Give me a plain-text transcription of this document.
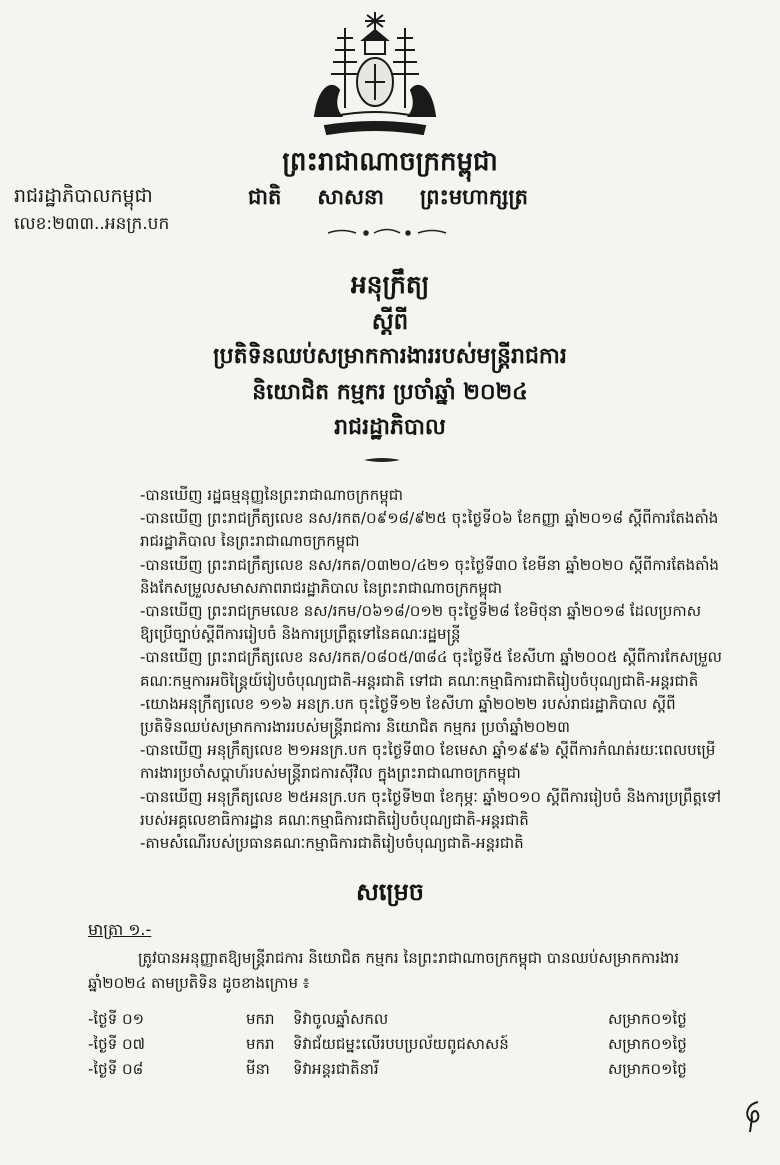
ព្រះរាជាណាចក្រកម្ពុជា
រាជរដ្ឋាភិបាលកម្ពុជា
លេខ:២៣៣..អនក្រ.បក
ជាតិ សាសនា ព្រះមហាក្សត្រ
អនុក្រឹត្យ
ស្តីពី
ប្រតិទិនឈប់សម្រាកការងាររបស់មន្ត្រីរាជការ
និយោជិត កម្មករ ប្រចាំឆ្នាំ ២០២៤
រាជរដ្ឋាភិបាល
-បានឃើញ រដ្ឋធម្មនុញ្ញនៃព្រះរាជាណាចក្រកម្ពុជា
-បានឃើញ ព្រះរាជក្រឹត្យលេខ នស/រកត/០៩១៨/៩២៥ ចុះថ្ងៃទី០៦ ខែកញ្ញា ឆ្នាំ២០១៨ ស្តីពីការតែងតាំង
រាជរដ្ឋាភិបាល នៃព្រះរាជាណាចក្រកម្ពុជា
-បានឃើញ ព្រះរាជក្រឹត្យលេខ នស/រកត/០៣២០/៤២១ ចុះថ្ងៃទី៣០ ខែមីនា ឆ្នាំ២០២០ ស្តីពីការតែងតាំង
និងកែសម្រួលសមាសភាពរាជរដ្ឋាភិបាល នៃព្រះរាជាណាចក្រកម្ពុជា
-បានឃើញ ព្រះរាជក្រមលេខ នស/រកម/០៦១៨/០១២ ចុះថ្ងៃទី២៨ ខែមិថុនា ឆ្នាំ២០១៨ ដែលប្រកាស
ឱ្យប្រើច្បាប់ស្តីពីការរៀបចំ និងការប្រព្រឹត្តទៅនៃគណៈរដ្ឋមន្ត្រី
-បានឃើញ ព្រះរាជក្រឹត្យលេខ នស/រកត/០៨០៥/៣៨៤ ចុះថ្ងៃទី៥ ខែសីហា ឆ្នាំ២០០៥ ស្តីពីការកែសម្រួល
គណៈកម្មការអចិន្ត្រៃយ៍រៀបចំបុណ្យជាតិ-អន្តរជាតិ ទៅជា គណៈកម្មាធិការជាតិរៀបចំបុណ្យជាតិ-អន្តរជាតិ
-យោងអនុក្រឹត្យលេខ ១១៦ អនក្រ.បក ចុះថ្ងៃទី១២ ខែសីហា ឆ្នាំ២០២២ របស់រាជរដ្ឋាភិបាល ស្តីពី
ប្រតិទិនឈប់សម្រាកការងាររបស់មន្ត្រីរាជការ និយោជិត កម្មករ ប្រចាំឆ្នាំ២០២៣
-បានឃើញ អនុក្រឹត្យលេខ ២១អនក្រ.បក ចុះថ្ងៃទី៣០ ខែមេសា ឆ្នាំ១៩៩៦ ស្តីពីការកំណត់រយៈពេលបម្រើ
ការងារប្រចាំសប្តាហ៍របស់មន្ត្រីរាជការស៊ីវិល ក្នុងព្រះរាជាណាចក្រកម្ពុជា
-បានឃើញ អនុក្រឹត្យលេខ ២៥អនក្រ.បក ចុះថ្ងៃទី២៣ ខែកុម្ភៈ ឆ្នាំ២០១០ ស្តីពីការរៀបចំ និងការប្រព្រឹត្តទៅ
របស់អគ្គលេខាធិការដ្ឋាន គណៈកម្មាធិការជាតិរៀបចំបុណ្យជាតិ-អន្តរជាតិ
-តាមសំណើរបស់ប្រធានគណៈកម្មាធិការជាតិរៀបចំបុណ្យជាតិ-អន្តរជាតិ
សម្រេច
មាត្រា ១.-
ត្រូវបានអនុញ្ញាតឱ្យមន្ត្រីរាជការ និយោជិត កម្មករ នៃព្រះរាជាណាចក្រកម្ពុជា បានឈប់សម្រាកការងារ ឆ្នាំ២០២៤ តាមប្រតិទិន ដូចខាងក្រោម ៖
-ថ្ងៃទី ០១	មករា ទិវាចូលឆ្នាំសកល	សម្រាក០១ថ្ងៃ
-ថ្ងៃទី ០៧	មករា ទិវាជ័យជម្នះលើរបបប្រល័យពូជសាសន៍	សម្រាក០១ថ្ងៃ
-ថ្ងៃទី ០៨	មីនា ទិវាអន្តរជាតិនារី	សម្រាក០១ថ្ងៃ
